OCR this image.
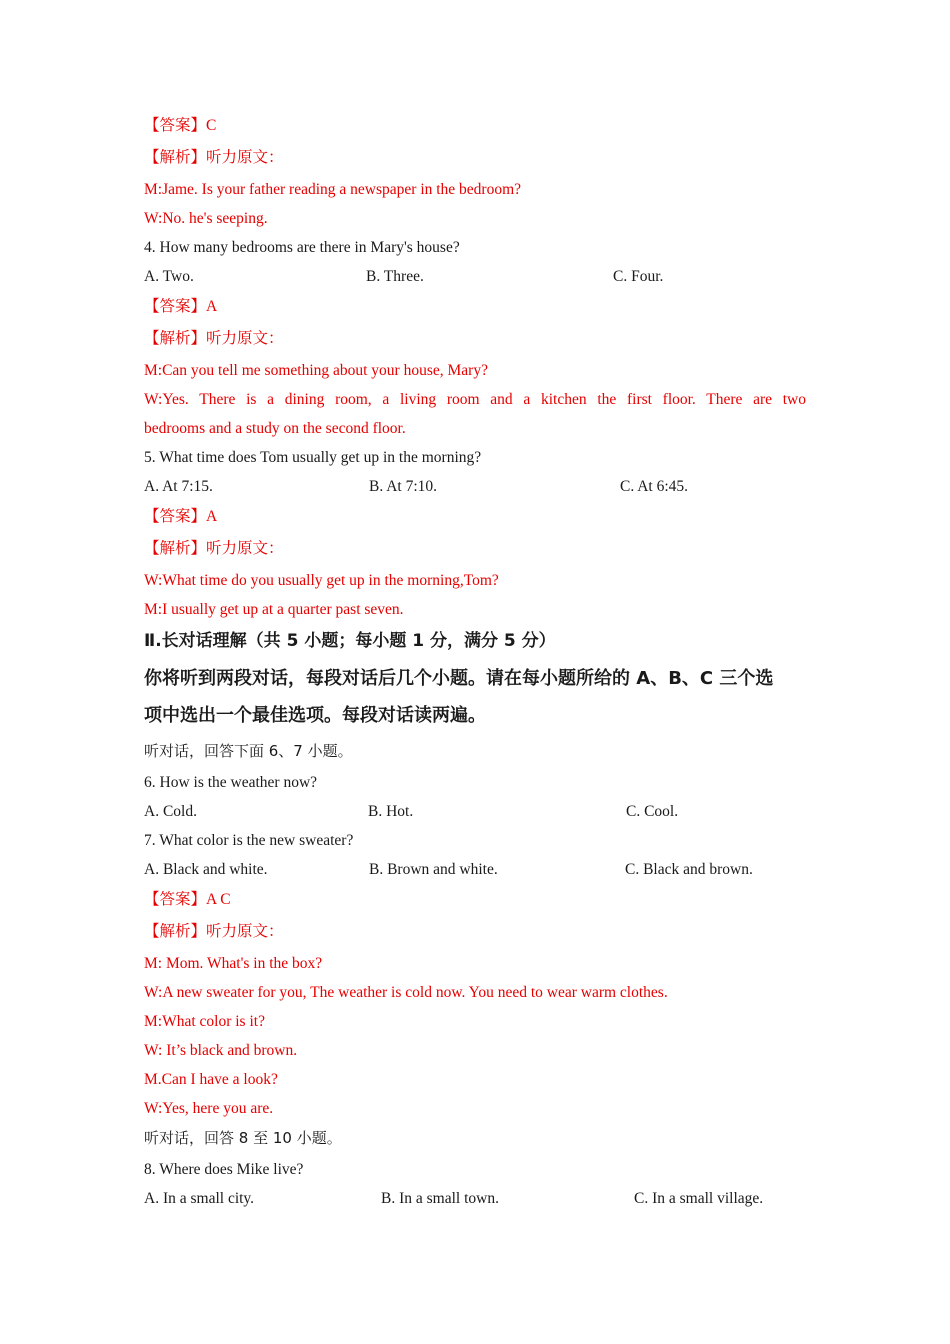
【答案】C
【解析】听力原文：
M:Jame. Is your father reading a newspaper in the bedroom?
W:No. he's seeping.
4. How many bedrooms are there in Mary's house?
A. Two.	B. Three.	C. Four.
【答案】A
【解析】听力原文：
M:Can you tell me something about your house, Mary?
W:Yes. There is a dining room, a living room and a kitchen the first floor. There are two
bedrooms and a study on the second floor.
5. What time does Tom usually get up in the morning?
A. At 7:15.	B. At 7:10.	C. At 6:45.
【答案】A
【解析】听力原文：
W:What time do you usually get up in the morning,Tom?
M:I usually get up at a quarter past seven.
Ⅱ.长对话理解（共 5 小题；每小题 1 分，满分 5 分）
你将听到两段对话，每段对话后几个小题。请在每小题所给的 A、B、C 三个选
项中选出一个最佳选项。每段对话读两遍。
听对话，回答下面 6、7 小题。
6. How is the weather now?
A. Cold.	B. Hot.	C. Cool.
7. What color is the new sweater?
A. Black and white.	B. Brown and white.	C. Black and brown.
【答案】A C
【解析】听力原文：
M: Mom. What's in the box?
W:A new sweater for you, The weather is cold now. You need to wear warm clothes.
M:What color is it?
W: It’s black and brown.
M.Can I have a look?
W:Yes, here you are.
听对话，回答 8 至 10 小题。
8. Where does Mike live?
A. In a small city.	B. In a small town.	C. In a small village.
